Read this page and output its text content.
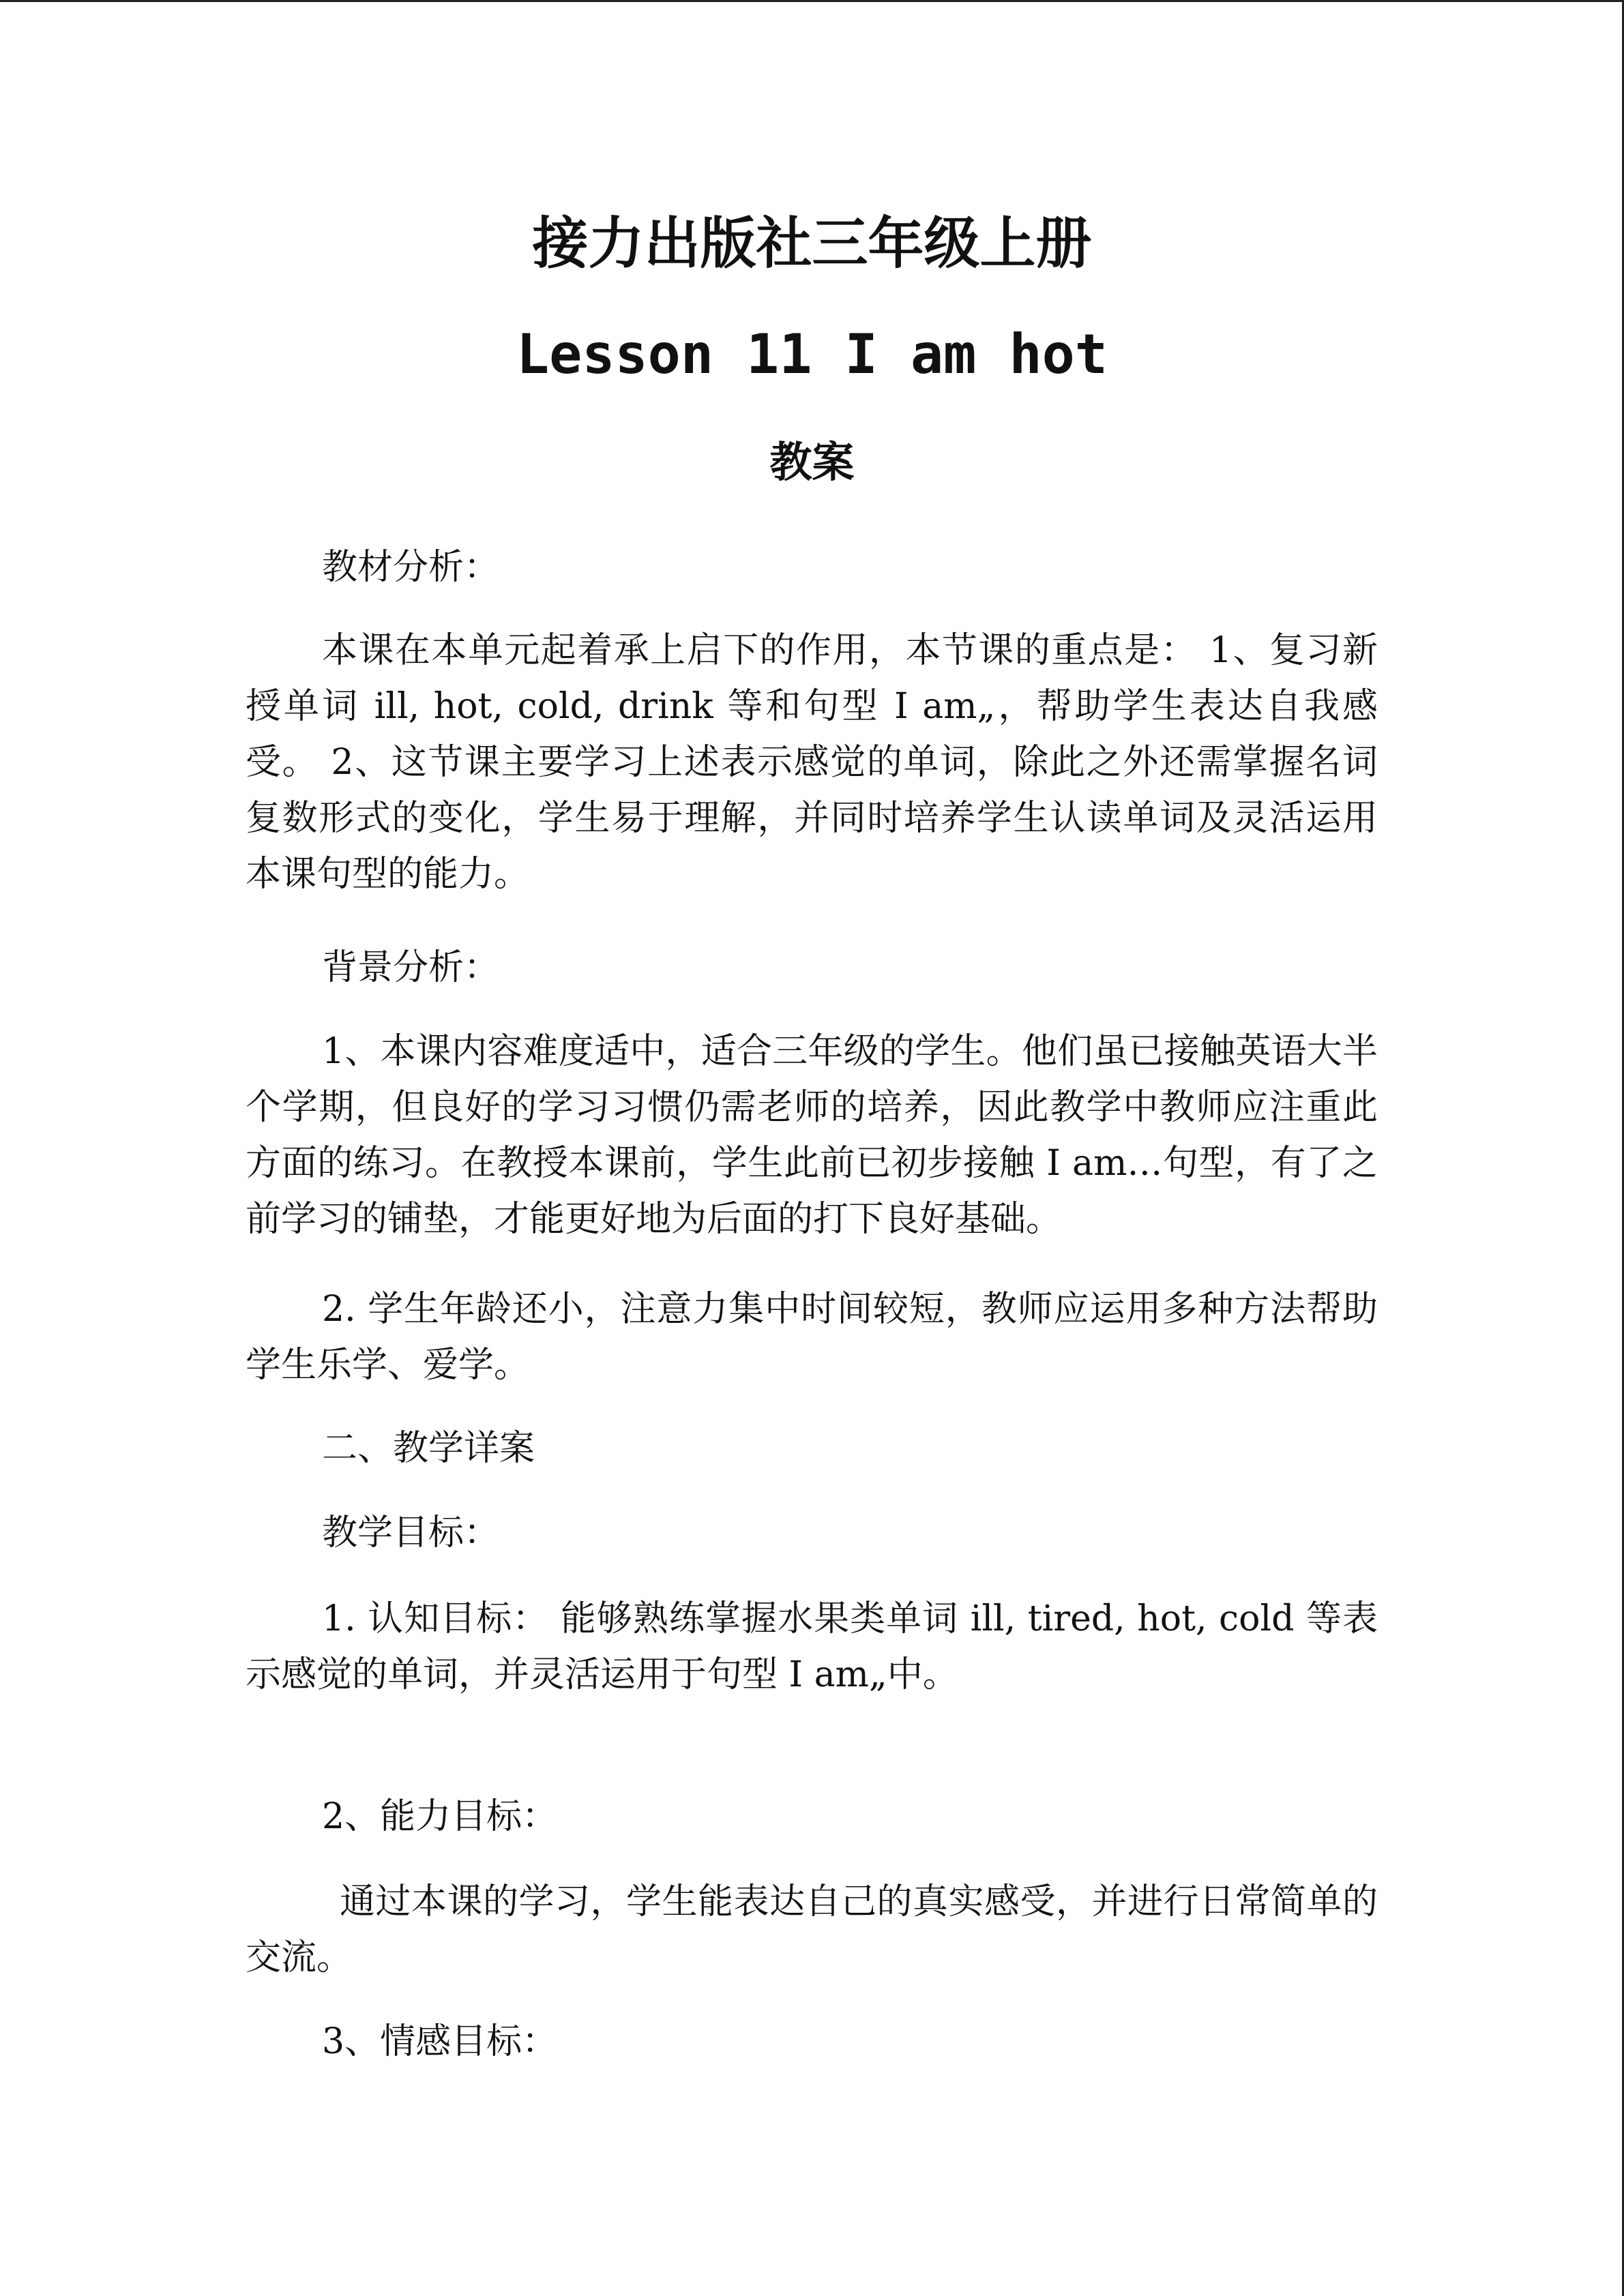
接力出版社三年级上册
Lesson 11 I am hot
教案

教材分析：

本课在本单元起着承上启下的作用，本节课的重点是： 1、复习新授单词 ill, hot, cold, drink 等和句型 I am„，帮助学生表达自我感受。 2、这节课主要学习上述表示感觉的单词，除此之外还需掌握名词复数形式的变化，学生易于理解，并同时培养学生认读单词及灵活运用本课句型的能力。

背景分析：

1、本课内容难度适中，适合三年级的学生。他们虽已接触英语大半个学期，但良好的学习习惯仍需老师的培养，因此教学中教师应注重此方面的练习。在教授本课前，学生此前已初步接触 I am…句型，有了之前学习的铺垫，才能更好地为后面的打下良好基础。

2. 学生年龄还小，注意力集中时间较短，教师应运用多种方法帮助学生乐学、爱学。

二、教学详案

教学目标：

1. 认知目标： 能够熟练掌握水果类单词 ill, tired, hot, cold 等表示感觉的单词，并灵活运用于句型 I am„中。

2、能力目标：

通过本课的学习，学生能表达自己的真实感受，并进行日常简单的交流。

3、情感目标：
